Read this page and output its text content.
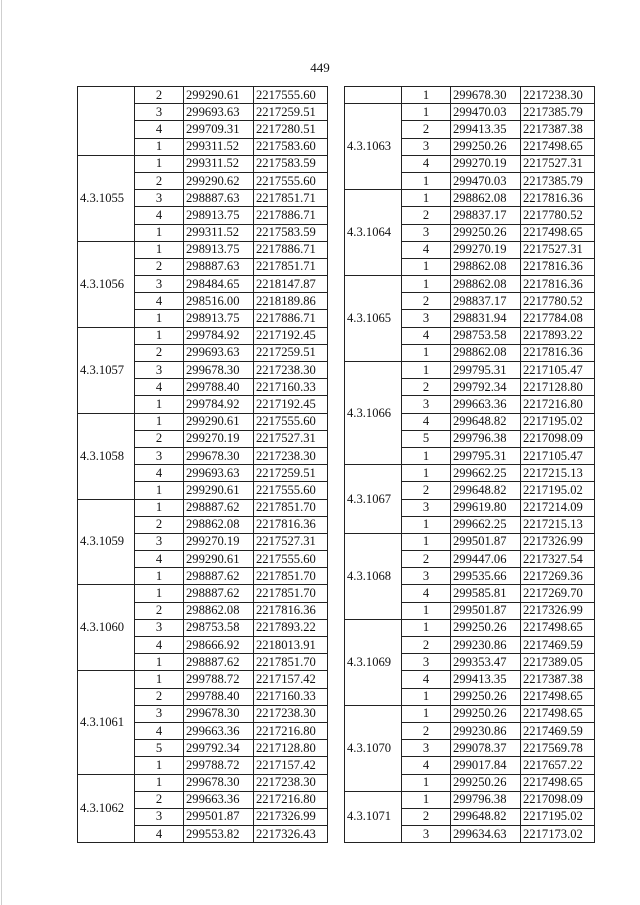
449
	2	299290.61	2217555.60
	3	299693.63	2217259.51
	4	299709.31	2217280.51
	1	299311.52	2217583.60
4.3.1055	1	299311.52	2217583.59
	2	299290.62	2217555.60
	3	298887.63	2217851.71
	4	298913.75	2217886.71
	1	299311.52	2217583.59
4.3.1056	1	298913.75	2217886.71
	2	298887.63	2217851.71
	3	298484.65	2218147.87
	4	298516.00	2218189.86
	1	298913.75	2217886.71
4.3.1057	1	299784.92	2217192.45
	2	299693.63	2217259.51
	3	299678.30	2217238.30
	4	299788.40	2217160.33
	1	299784.92	2217192.45
4.3.1058	1	299290.61	2217555.60
	2	299270.19	2217527.31
	3	299678.30	2217238.30
	4	299693.63	2217259.51
	1	299290.61	2217555.60
4.3.1059	1	298887.62	2217851.70
	2	298862.08	2217816.36
	3	299270.19	2217527.31
	4	299290.61	2217555.60
	1	298887.62	2217851.70
4.3.1060	1	298887.62	2217851.70
	2	298862.08	2217816.36
	3	298753.58	2217893.22
	4	298666.92	2218013.91
	1	298887.62	2217851.70
4.3.1061	1	299788.72	2217157.42
	2	299788.40	2217160.33
	3	299678.30	2217238.30
	4	299663.36	2217216.80
	5	299792.34	2217128.80
	1	299788.72	2217157.42
4.3.1062	1	299678.30	2217238.30
	2	299663.36	2217216.80
	3	299501.87	2217326.99
	4	299553.82	2217326.43
	1	299678.30	2217238.30
4.3.1063	1	299470.03	2217385.79
	2	299413.35	2217387.38
	3	299250.26	2217498.65
	4	299270.19	2217527.31
	1	299470.03	2217385.79
4.3.1064	1	298862.08	2217816.36
	2	298837.17	2217780.52
	3	299250.26	2217498.65
	4	299270.19	2217527.31
	1	298862.08	2217816.36
4.3.1065	1	298862.08	2217816.36
	2	298837.17	2217780.52
	3	298831.94	2217784.08
	4	298753.58	2217893.22
	1	298862.08	2217816.36
4.3.1066	1	299795.31	2217105.47
	2	299792.34	2217128.80
	3	299663.36	2217216.80
	4	299648.82	2217195.02
	5	299796.38	2217098.09
	1	299795.31	2217105.47
4.3.1067	1	299662.25	2217215.13
	2	299648.82	2217195.02
	3	299619.80	2217214.09
	1	299662.25	2217215.13
4.3.1068	1	299501.87	2217326.99
	2	299447.06	2217327.54
	3	299535.66	2217269.36
	4	299585.81	2217269.70
	1	299501.87	2217326.99
4.3.1069	1	299250.26	2217498.65
	2	299230.86	2217469.59
	3	299353.47	2217389.05
	4	299413.35	2217387.38
	1	299250.26	2217498.65
4.3.1070	1	299250.26	2217498.65
	2	299230.86	2217469.59
	3	299078.37	2217569.78
	4	299017.84	2217657.22
	1	299250.26	2217498.65
4.3.1071	1	299796.38	2217098.09
	2	299648.82	2217195.02
	3	299634.63	2217173.02
